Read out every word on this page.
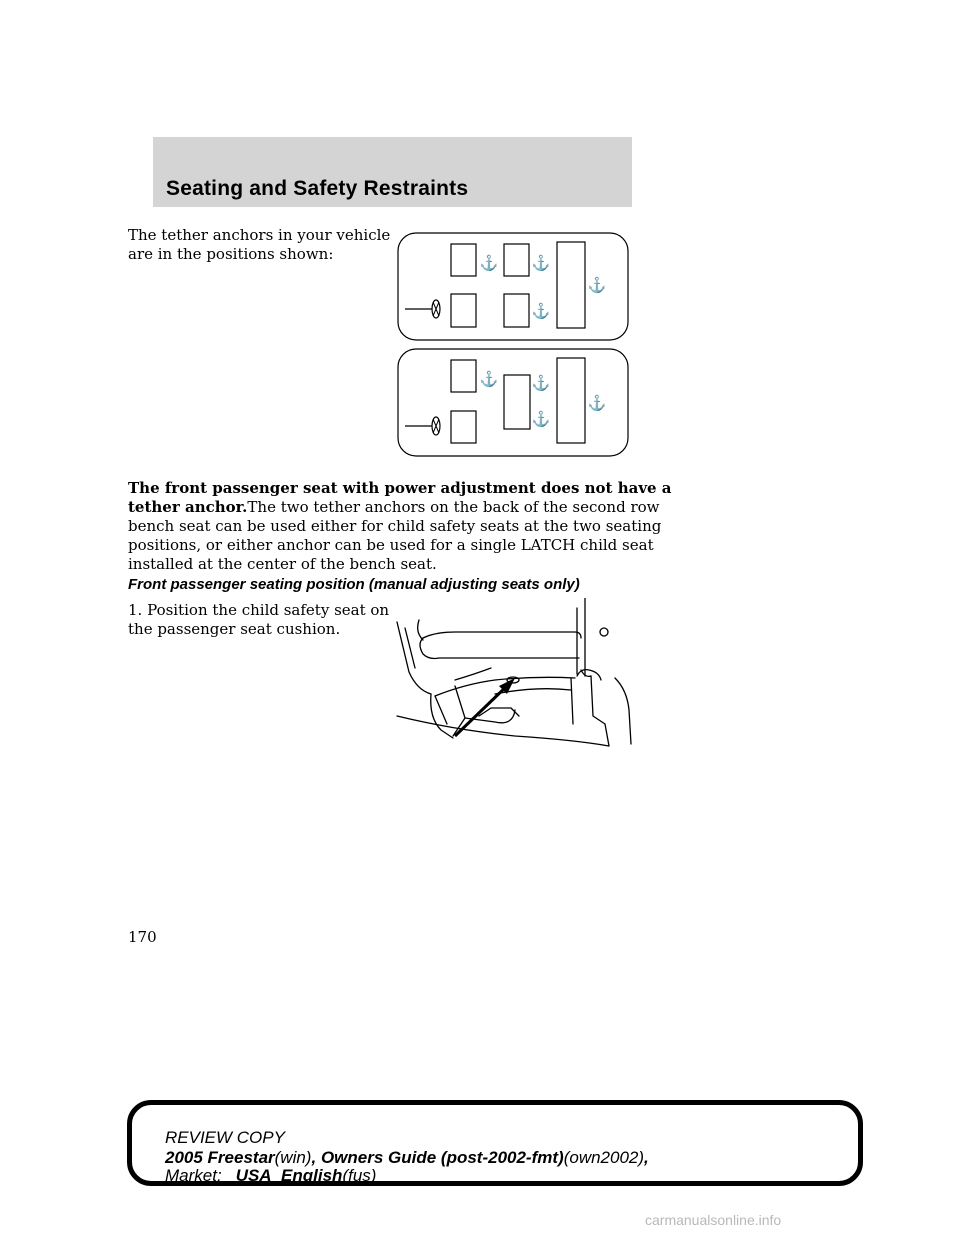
Seating and Safety Restraints

The tether anchors in your vehicle

are in the positions shown:	⚓ ⚓
⚓
⚓
⚓ ⚓
⚓
⚓

The front passenger seat with power adjustment does not have a

tether anchor.The two tether anchors on the back of the second row

bench seat can be used either for child safety seats at the two seating

positions, or either anchor can be used for a single LATCH child seat

installed at the center of the bench seat.

Front passenger seating position (manual adjusting seats only)

1. Position the child safety seat on

the passenger seat cushion.

170

REVIEW COPY

2005 Freestar(win), Owners Guide (post-2002-fmt)(own2002),

Market: USA_English(fus)

carmanualsonline.info
